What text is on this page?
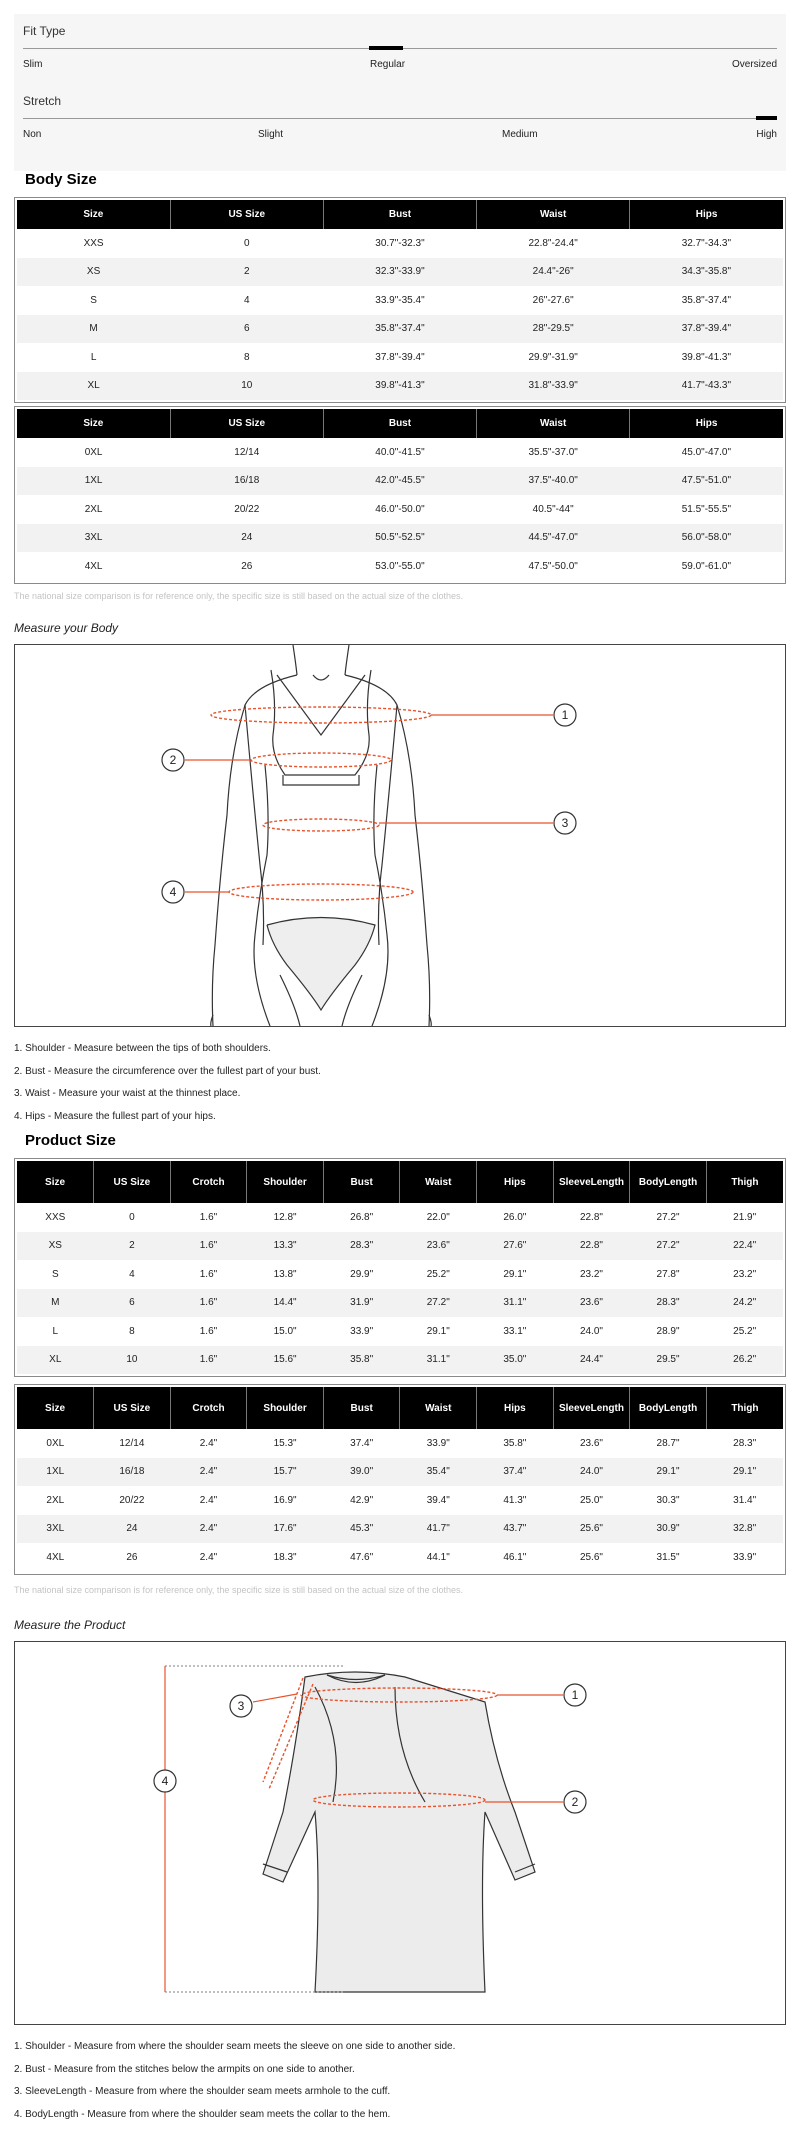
Fit Type
Slim	Regular	Oversized
Stretch
Non	Slight	Medium	High
Body Size
Size	US Size	Bust	Waist	Hips
XXS	0	30.7"-32.3"	22.8"-24.4"	32.7"-34.3"
XS	2	32.3"-33.9"	24.4"-26"	34.3"-35.8"
S	4	33.9"-35.4"	26"-27.6"	35.8"-37.4"
M	6	35.8"-37.4"	28"-29.5"	37.8"-39.4"
L	8	37.8"-39.4"	29.9"-31.9"	39.8"-41.3"
XL	10	39.8"-41.3"	31.8"-33.9"	41.7"-43.3"
Size	US Size	Bust	Waist	Hips
0XL	12/14	40.0"-41.5"	35.5"-37.0"	45.0"-47.0"
1XL	16/18	42.0"-45.5"	37.5"-40.0"	47.5"-51.0"
2XL	20/22	46.0"-50.0"	40.5"-44"	51.5"-55.5"
3XL	24	50.5"-52.5"	44.5"-47.0"	56.0"-58.0"
4XL	26	53.0"-55.0"	47.5"-50.0"	59.0"-61.0"
The national size comparison is for reference only, the specific size is still based on the actual size of the clothes.
Measure your Body
1
2
3
4
1. Shoulder - Measure between the tips of both shoulders.
2. Bust - Measure the circumference over the fullest part of your bust.
3. Waist - Measure your waist at the thinnest place.
4. Hips - Measure the fullest part of your hips.
Product Size
Size	US Size	Crotch	Shoulder	Bust	Waist	Hips	SleeveLength	BodyLength	Thigh
XXS	0	1.6"	12.8"	26.8"	22.0"	26.0"	22.8"	27.2"	21.9"
XS	2	1.6"	13.3"	28.3"	23.6"	27.6"	22.8"	27.2"	22.4"
S	4	1.6"	13.8"	29.9"	25.2"	29.1"	23.2"	27.8"	23.2"
M	6	1.6"	14.4"	31.9"	27.2"	31.1"	23.6"	28.3"	24.2"
L	8	1.6"	15.0"	33.9"	29.1"	33.1"	24.0"	28.9"	25.2"
XL	10	1.6"	15.6"	35.8"	31.1"	35.0"	24.4"	29.5"	26.2"
Size	US Size	Crotch	Shoulder	Bust	Waist	Hips	SleeveLength	BodyLength	Thigh
0XL	12/14	2.4"	15.3"	37.4"	33.9"	35.8"	23.6"	28.7"	28.3"
1XL	16/18	2.4"	15.7"	39.0"	35.4"	37.4"	24.0"	29.1"	29.1"
2XL	20/22	2.4"	16.9"	42.9"	39.4"	41.3"	25.0"	30.3"	31.4"
3XL	24	2.4"	17.6"	45.3"	41.7"	43.7"	25.6"	30.9"	32.8"
4XL	26	2.4"	18.3"	47.6"	44.1"	46.1"	25.6"	31.5"	33.9"
The national size comparison is for reference only, the specific size is still based on the actual size of the clothes.
Measure the Product
1
2
3
4
1. Shoulder - Measure from where the shoulder seam meets the sleeve on one side to another side.
2. Bust - Measure from the stitches below the armpits on one side to another.
3. SleeveLength - Measure from where the shoulder seam meets armhole to the cuff.
4. BodyLength - Measure from where the shoulder seam meets the collar to the hem.
